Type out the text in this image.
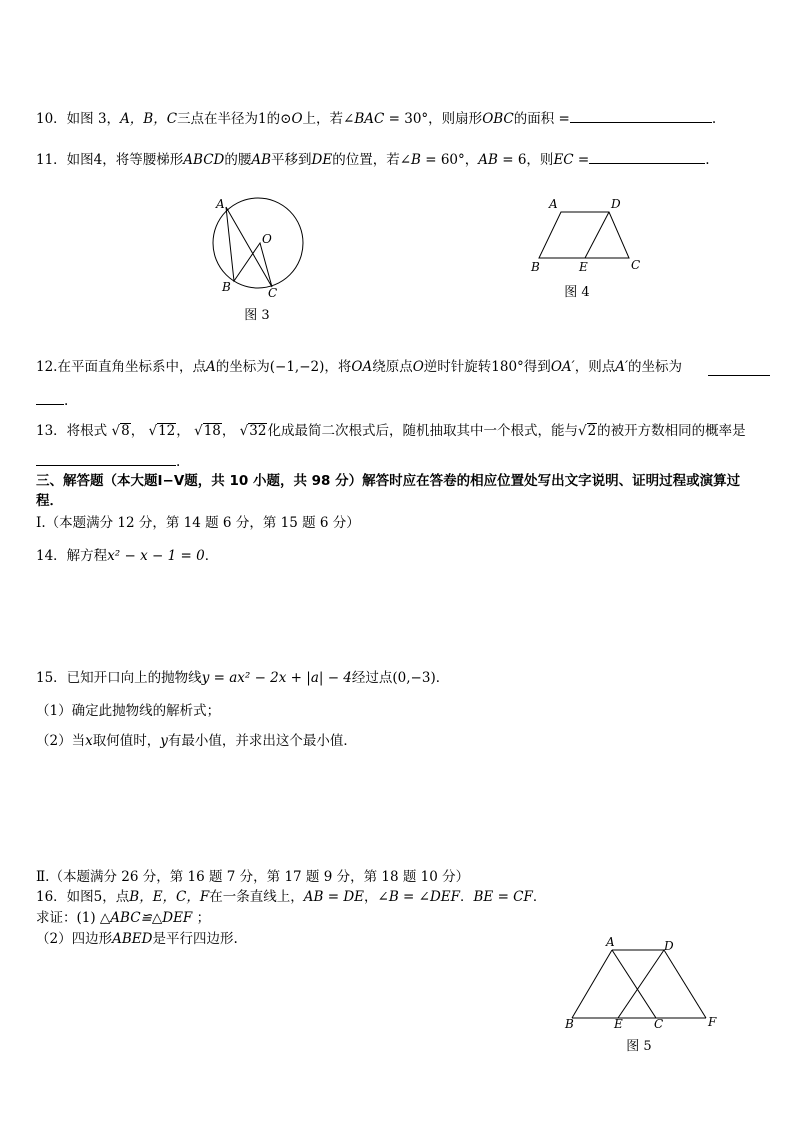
10．如图 3，A，B，C三点在半径为1的⊙O上，若∠BAC = 30°，则扇形OBC的面积 =	.
11．如图4，将等腰梯形ABCD的腰AB平移到DE的位置，若∠B = 60°，AB = 6，则EC =	.
A
O
B	C
图 3
A	D
B	E	C
图 4
12.在平面直角坐标系中，点A的坐标为(−1,−2)，将OA绕原点O逆时针旋转180°得到OA′，则点A′的坐标为
.
13．将根式 √8， √12， √18， √32化成最简二次根式后，随机抽取其中一个根式，能与√2的被开方数相同的概率是
.
三、解答题（本大题Ⅰ−Ⅴ题，共 10 小题，共 98 分）解答时应在答卷的相应位置处写出文字说明、证明过程或演算过
程．
Ⅰ.（本题满分 12 分，第 14 题 6 分，第 15 题 6 分）
14．解方程x² − x − 1 = 0．
15．已知开口向上的抛物线y = ax² − 2x + |a| − 4经过点(0,−3)．
（1）确定此抛物线的解析式；
（2）当x取何值时，y有最小值，并求出这个最小值．
Ⅱ.（本题满分 26 分，第 16 题 7 分，第 17 题 9 分，第 18 题 10 分）
16．如图5，点B，E，C，F在一条直线上，AB = DE，∠B = ∠DEF．BE = CF．
求证：(1) △ABC≌△DEF ；
（2）四边形ABED是平行四边形.	A	D
B	E	C	F
图 5
